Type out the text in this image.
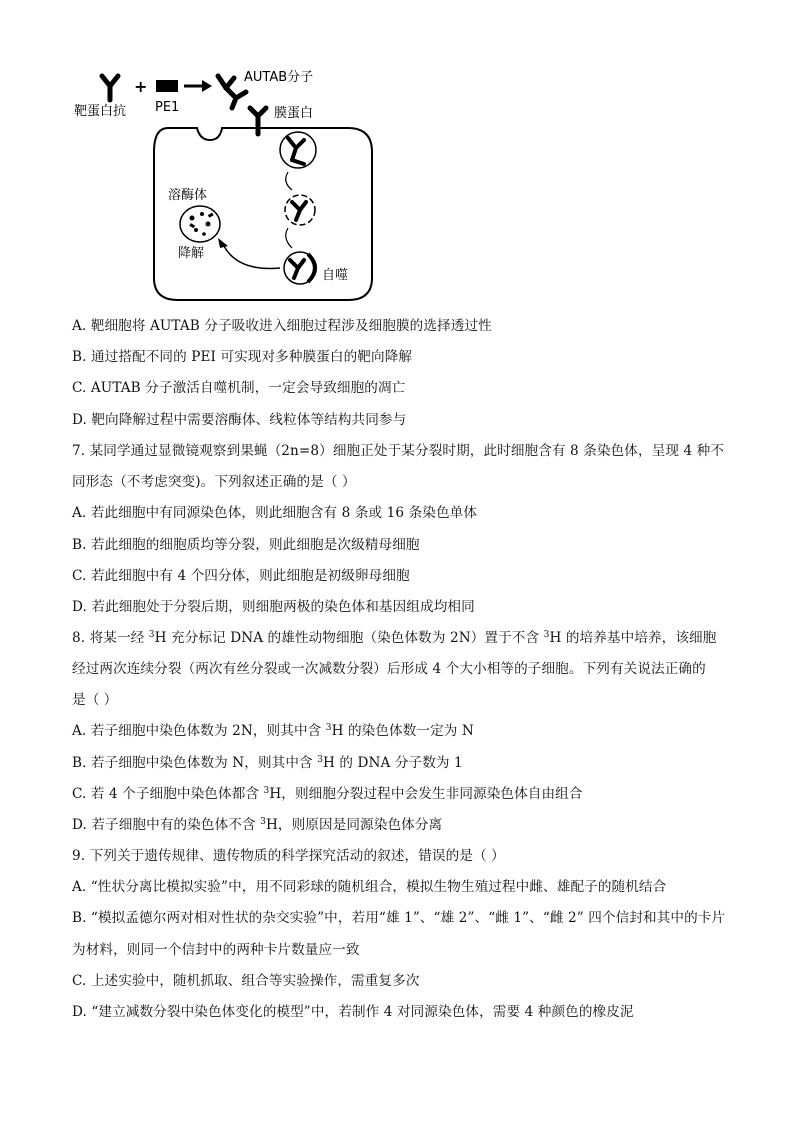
+
靶蛋白抗 PE1
AUTAB分子
膜蛋白
溶酶体
降解
自噬
A. 靶细胞将 AUTAB 分子吸收进入细胞过程涉及细胞膜的选择透过性
B. 通过搭配不同的 PEI 可实现对多种膜蛋白的靶向降解
C. AUTAB 分子激活自噬机制，一定会导致细胞的凋亡
D. 靶向降解过程中需要溶酶体、线粒体等结构共同参与
7. 某同学通过显微镜观察到果蝇（2n=8）细胞正处于某分裂时期，此时细胞含有 8 条染色体，呈现 4 种不
同形态（不考虑突变)。下列叙述正确的是（ ）
A. 若此细胞中有同源染色体，则此细胞含有 8 条或 16 条染色单体
B. 若此细胞的细胞质均等分裂，则此细胞是次级精母细胞
C. 若此细胞中有 4 个四分体，则此细胞是初级卵母细胞
D. 若此细胞处于分裂后期，则细胞两极的染色体和基因组成均相同
8. 将某一经 $^3$H 充分标记 DNA 的雄性动物细胞（染色体数为 2N）置于不含 $^3$H 的培养基中培养，该细胞
经过两次连续分裂（两次有丝分裂或一次减数分裂）后形成 4 个大小相等的子细胞。下列有关说法正确的
是（ ）
A. 若子细胞中染色体数为 2N，则其中含 $^3$H 的染色体数一定为 N
B. 若子细胞中染色体数为 N，则其中含 $^3$H 的 DNA 分子数为 1
C. 若 4 个子细胞中染色体都含 $^3$H，则细胞分裂过程中会发生非同源染色体自由组合
D. 若子细胞中有的染色体不含 $^3$H，则原因是同源染色体分离
9. 下列关于遗传规律、遗传物质的科学探究活动的叙述，错误的是（ ）
A. “性状分离比模拟实验”中，用不同彩球的随机组合，模拟生物生殖过程中雌、雄配子的随机结合
B. “模拟孟德尔两对相对性状的杂交实验”中，若用“雄 1”、“雄 2”、“雌 1”、“雌 2” 四个信封和其中的卡片
为材料，则同一个信封中的两种卡片数量应一致
C. 上述实验中，随机抓取、组合等实验操作，需重复多次
D. “建立减数分裂中染色体变化的模型”中，若制作 4 对同源染色体，需要 4 种颜色的橡皮泥
